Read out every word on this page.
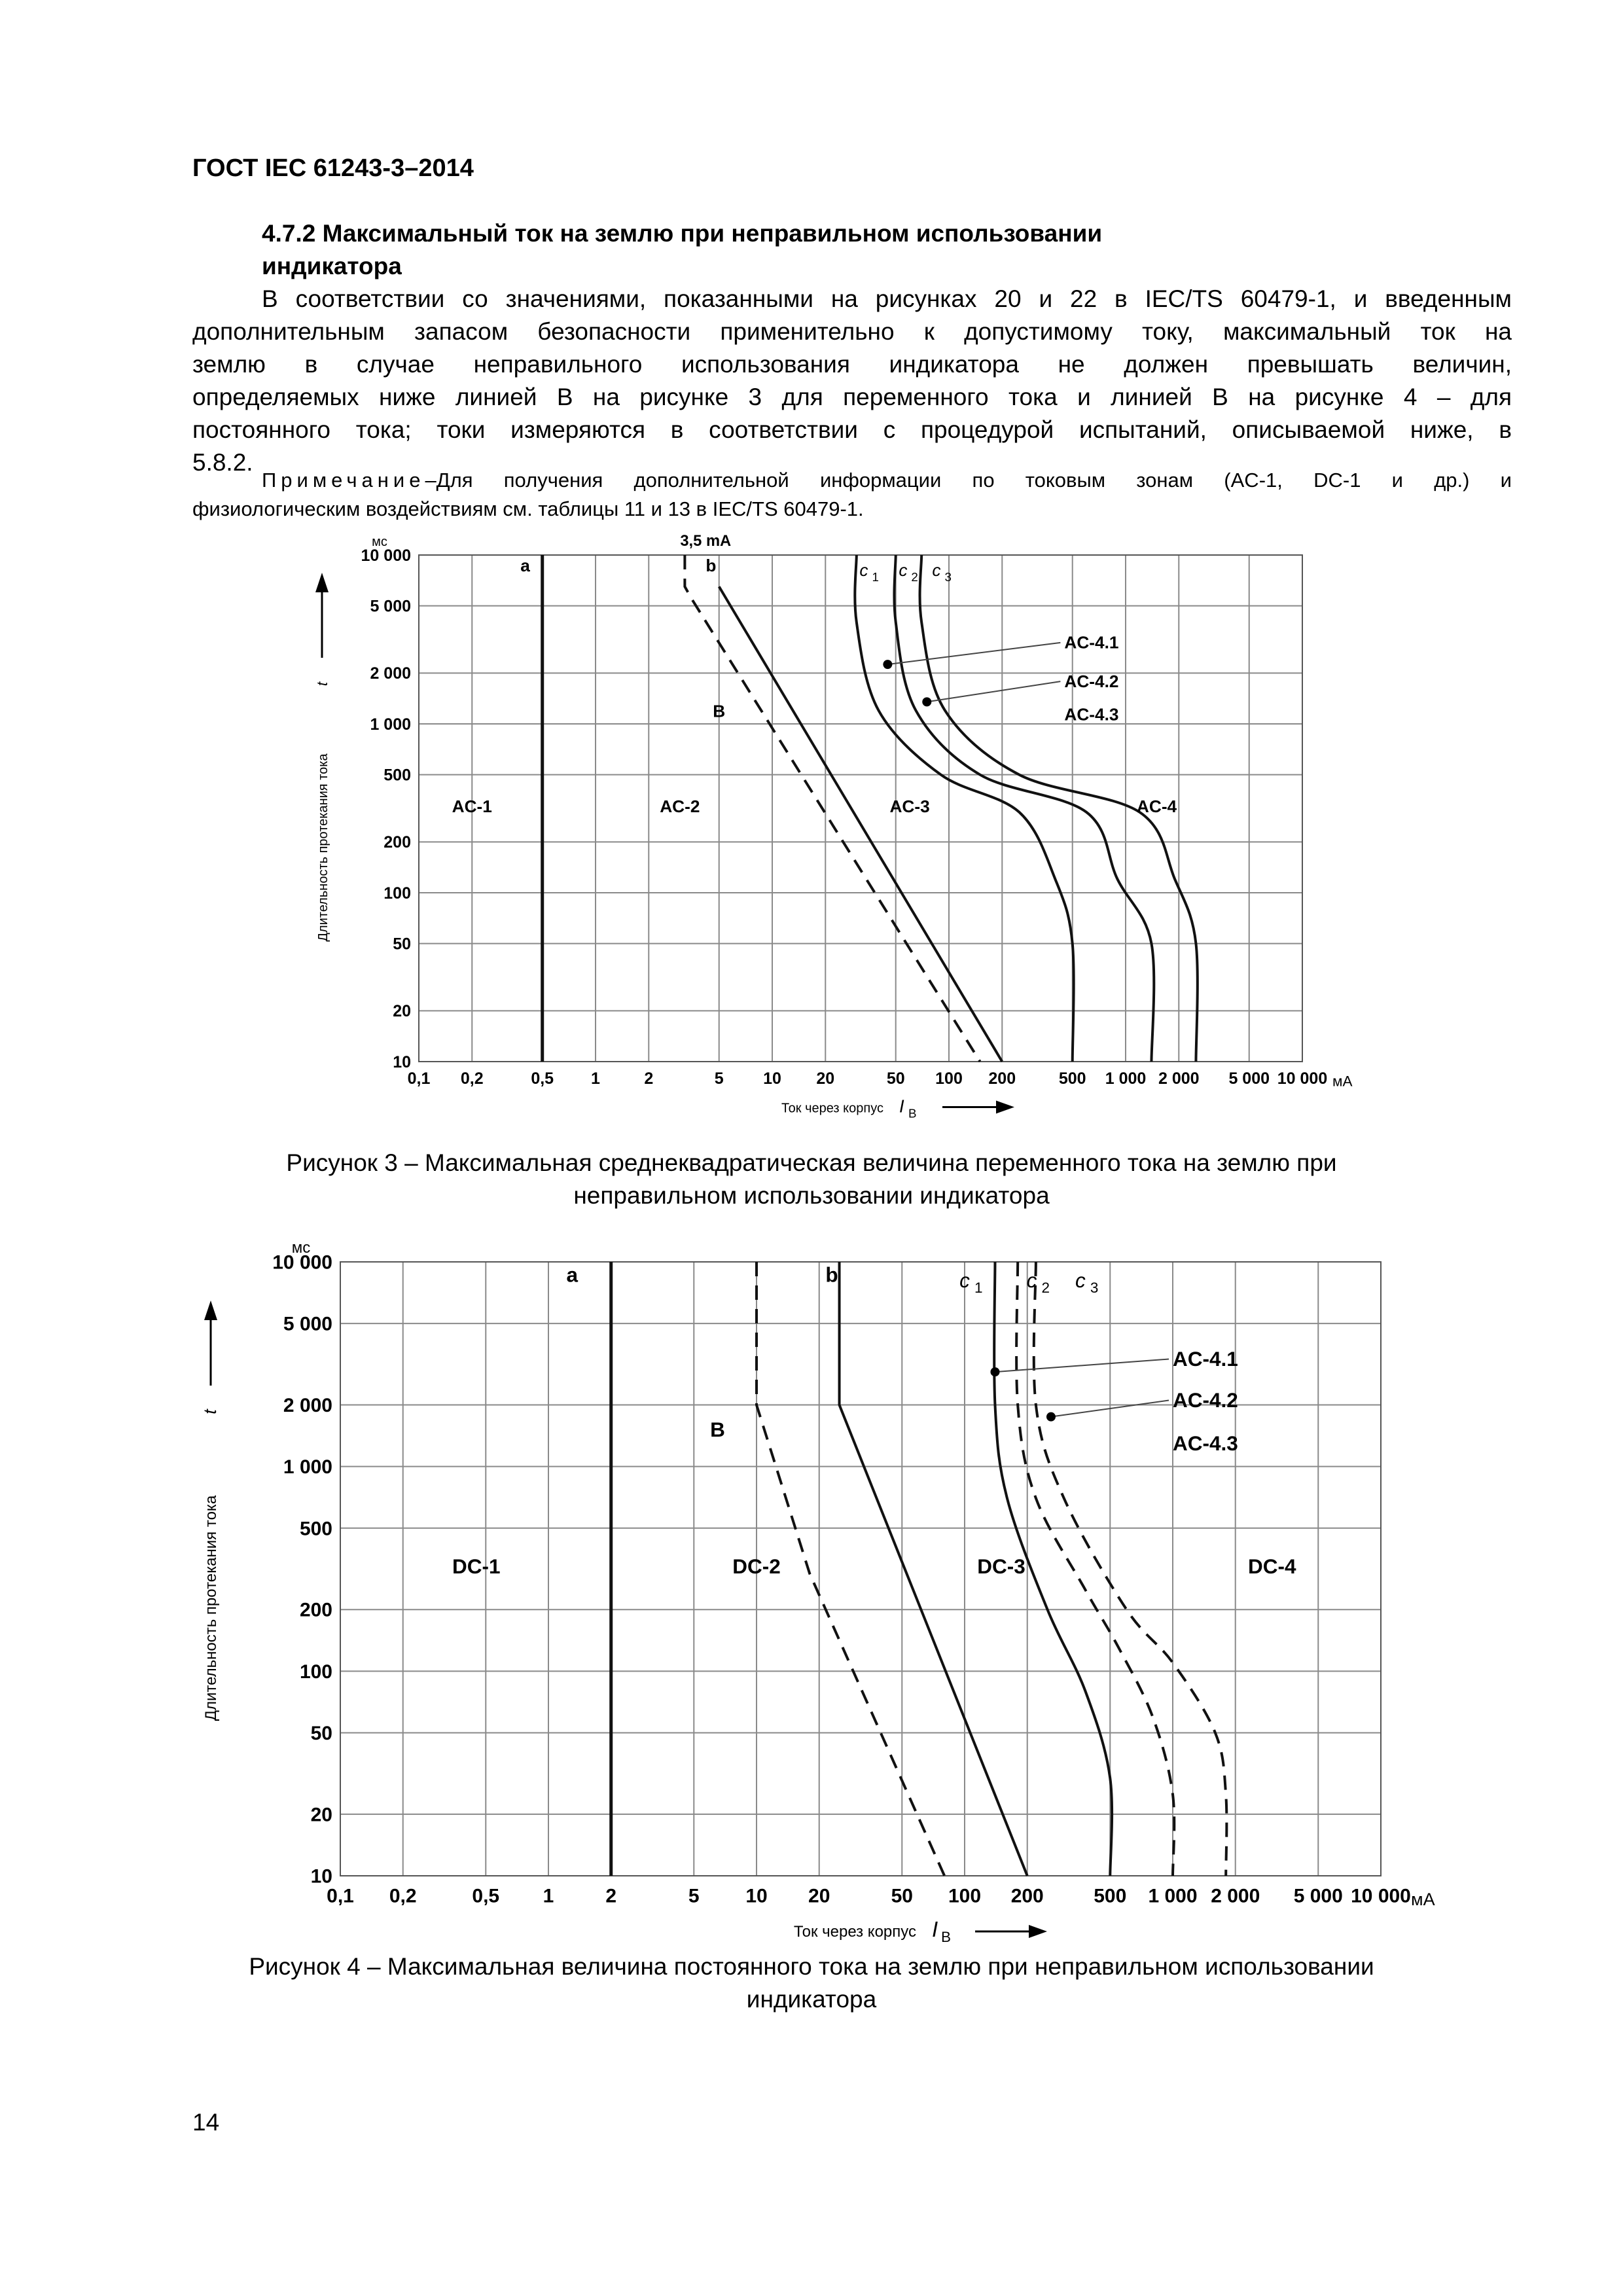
ГОСТ IEC 61243-3–2014
4.7.2 Максимальный ток на землю при неправильном использовании
индикатора
В соответствии со значениями, показанными на рисунках 20 и 22 в IEC/TS 60479-1, и введенным
дополнительным запасом безопасности применительно к допустимому току, максимальный ток на
землю в случае неправильного использования индикатора не должен превышать величин,
определяемых ниже линией B на рисунке 3 для переменного тока и линией B на рисунке 4 – для
постоянного тока; токи измеряются в соответствии с процедурой испытаний, описываемой ниже, в
5.8.2.
Примечание–Для получения дополнительной информации по токовым зонам (AC-1, DC-1 и др.) и
физиологическим воздействиям см. таблицы 11 и 13 в IEC/TS 60479-1.
0,1 0,2	0,5 1	2	5 10 20	50 100 200	500 1 000 2 000 5 000 10 000
10
20
50
100
200
500
1 000
2 000
5 000
10 000
мс
мА
Длительность протекания тока
t
Ток через корпус I B
3,5 mA
AC-1	AC-2	AC-3	AC-4
a	b
B
c 1 c 2 c 3
AC-4.1
AC-4.2
AC-4.3
Рисунок 3 – Максимальная среднеквадратическая величина переменного тока на землю при
неправильном использовании индикатора
0,1 0,2	0,5 1	2	5 10 20	50 100 200	500 1 000 2 000 5 000 10 000
10
20
50
100
200
500
1 000
2 000
5 000
10 000
мс
мА
Длительность протекания тока
t
Ток через корпус I B
DC-1	DC-2	DC-3	DC-4
a	b
B
c 1 c 2 c 3
AC-4.1
AC-4.2
AC-4.3
Рисунок 4 – Максимальная величина постоянного тока на землю при неправильном использовании
индикатора
14
